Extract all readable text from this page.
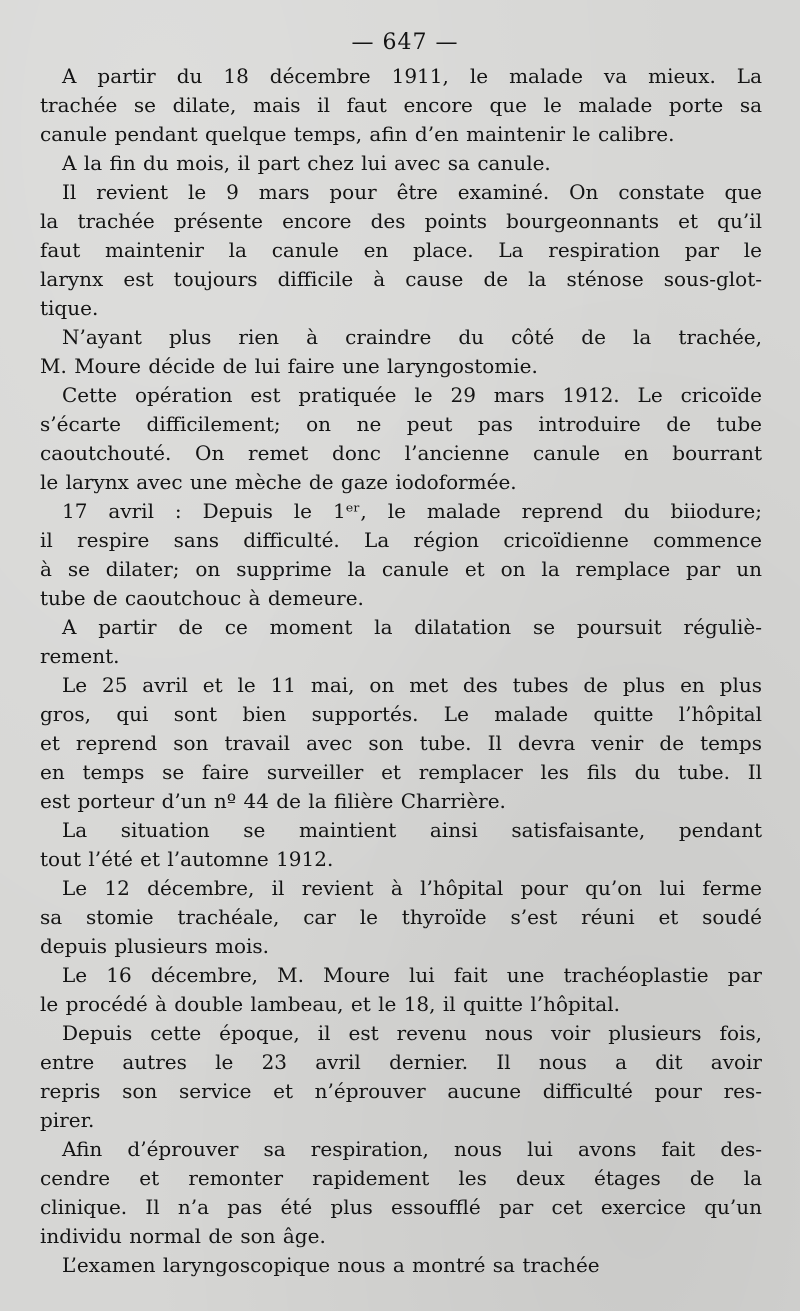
— 647 —

A partir du 18 décembre 1911, le malade va mieux. La
trachée se dilate, mais il faut encore que le malade porte sa
canule pendant quelque temps, afin d’en maintenir le calibre.

A la fin du mois, il part chez lui avec sa canule.

Il revient le 9 mars pour être examiné. On constate que
la trachée présente encore des points bourgeonnants et qu’il
faut maintenir la canule en place. La respiration par le
larynx est toujours difficile à cause de la sténose sous-glot-
tique.

N’ayant plus rien à craindre du côté de la trachée,
M. Moure décide de lui faire une laryngostomie.

Cette opération est pratiquée le 29 mars 1912. Le cricoïde
s’écarte difficilement; on ne peut pas introduire de tube
caoutchouté. On remet donc l’ancienne canule en bourrant
le larynx avec une mèche de gaze iodoformée.

17 avril : Depuis le 1ᵉʳ, le malade reprend du biiodure;
il respire sans difficulté. La région cricoïdienne commence
à se dilater; on supprime la canule et on la remplace par un
tube de caoutchouc à demeure.

A partir de ce moment la dilatation se poursuit réguliè-
rement.

Le 25 avril et le 11 mai, on met des tubes de plus en plus
gros, qui sont bien supportés. Le malade quitte l’hôpital
et reprend son travail avec son tube. Il devra venir de temps
en temps se faire surveiller et remplacer les fils du tube. Il
est porteur d’un nº 44 de la filière Charrière.

La situation se maintient ainsi satisfaisante, pendant
tout l’été et l’automne 1912.

Le 12 décembre, il revient à l’hôpital pour qu’on lui ferme
sa stomie trachéale, car le thyroïde s’est réuni et soudé
depuis plusieurs mois.

Le 16 décembre, M. Moure lui fait une trachéoplastie par
le procédé à double lambeau, et le 18, il quitte l’hôpital.

Depuis cette époque, il est revenu nous voir plusieurs fois,
entre autres le 23 avril dernier. Il nous a dit avoir
repris son service et n’éprouver aucune difficulté pour res-
pirer.

Afin d’éprouver sa respiration, nous lui avons fait des-
cendre et remonter rapidement les deux étages de la
clinique. Il n’a pas été plus essoufflé par cet exercice qu’un
individu normal de son âge.

L’examen laryngoscopique nous a montré sa trachée
